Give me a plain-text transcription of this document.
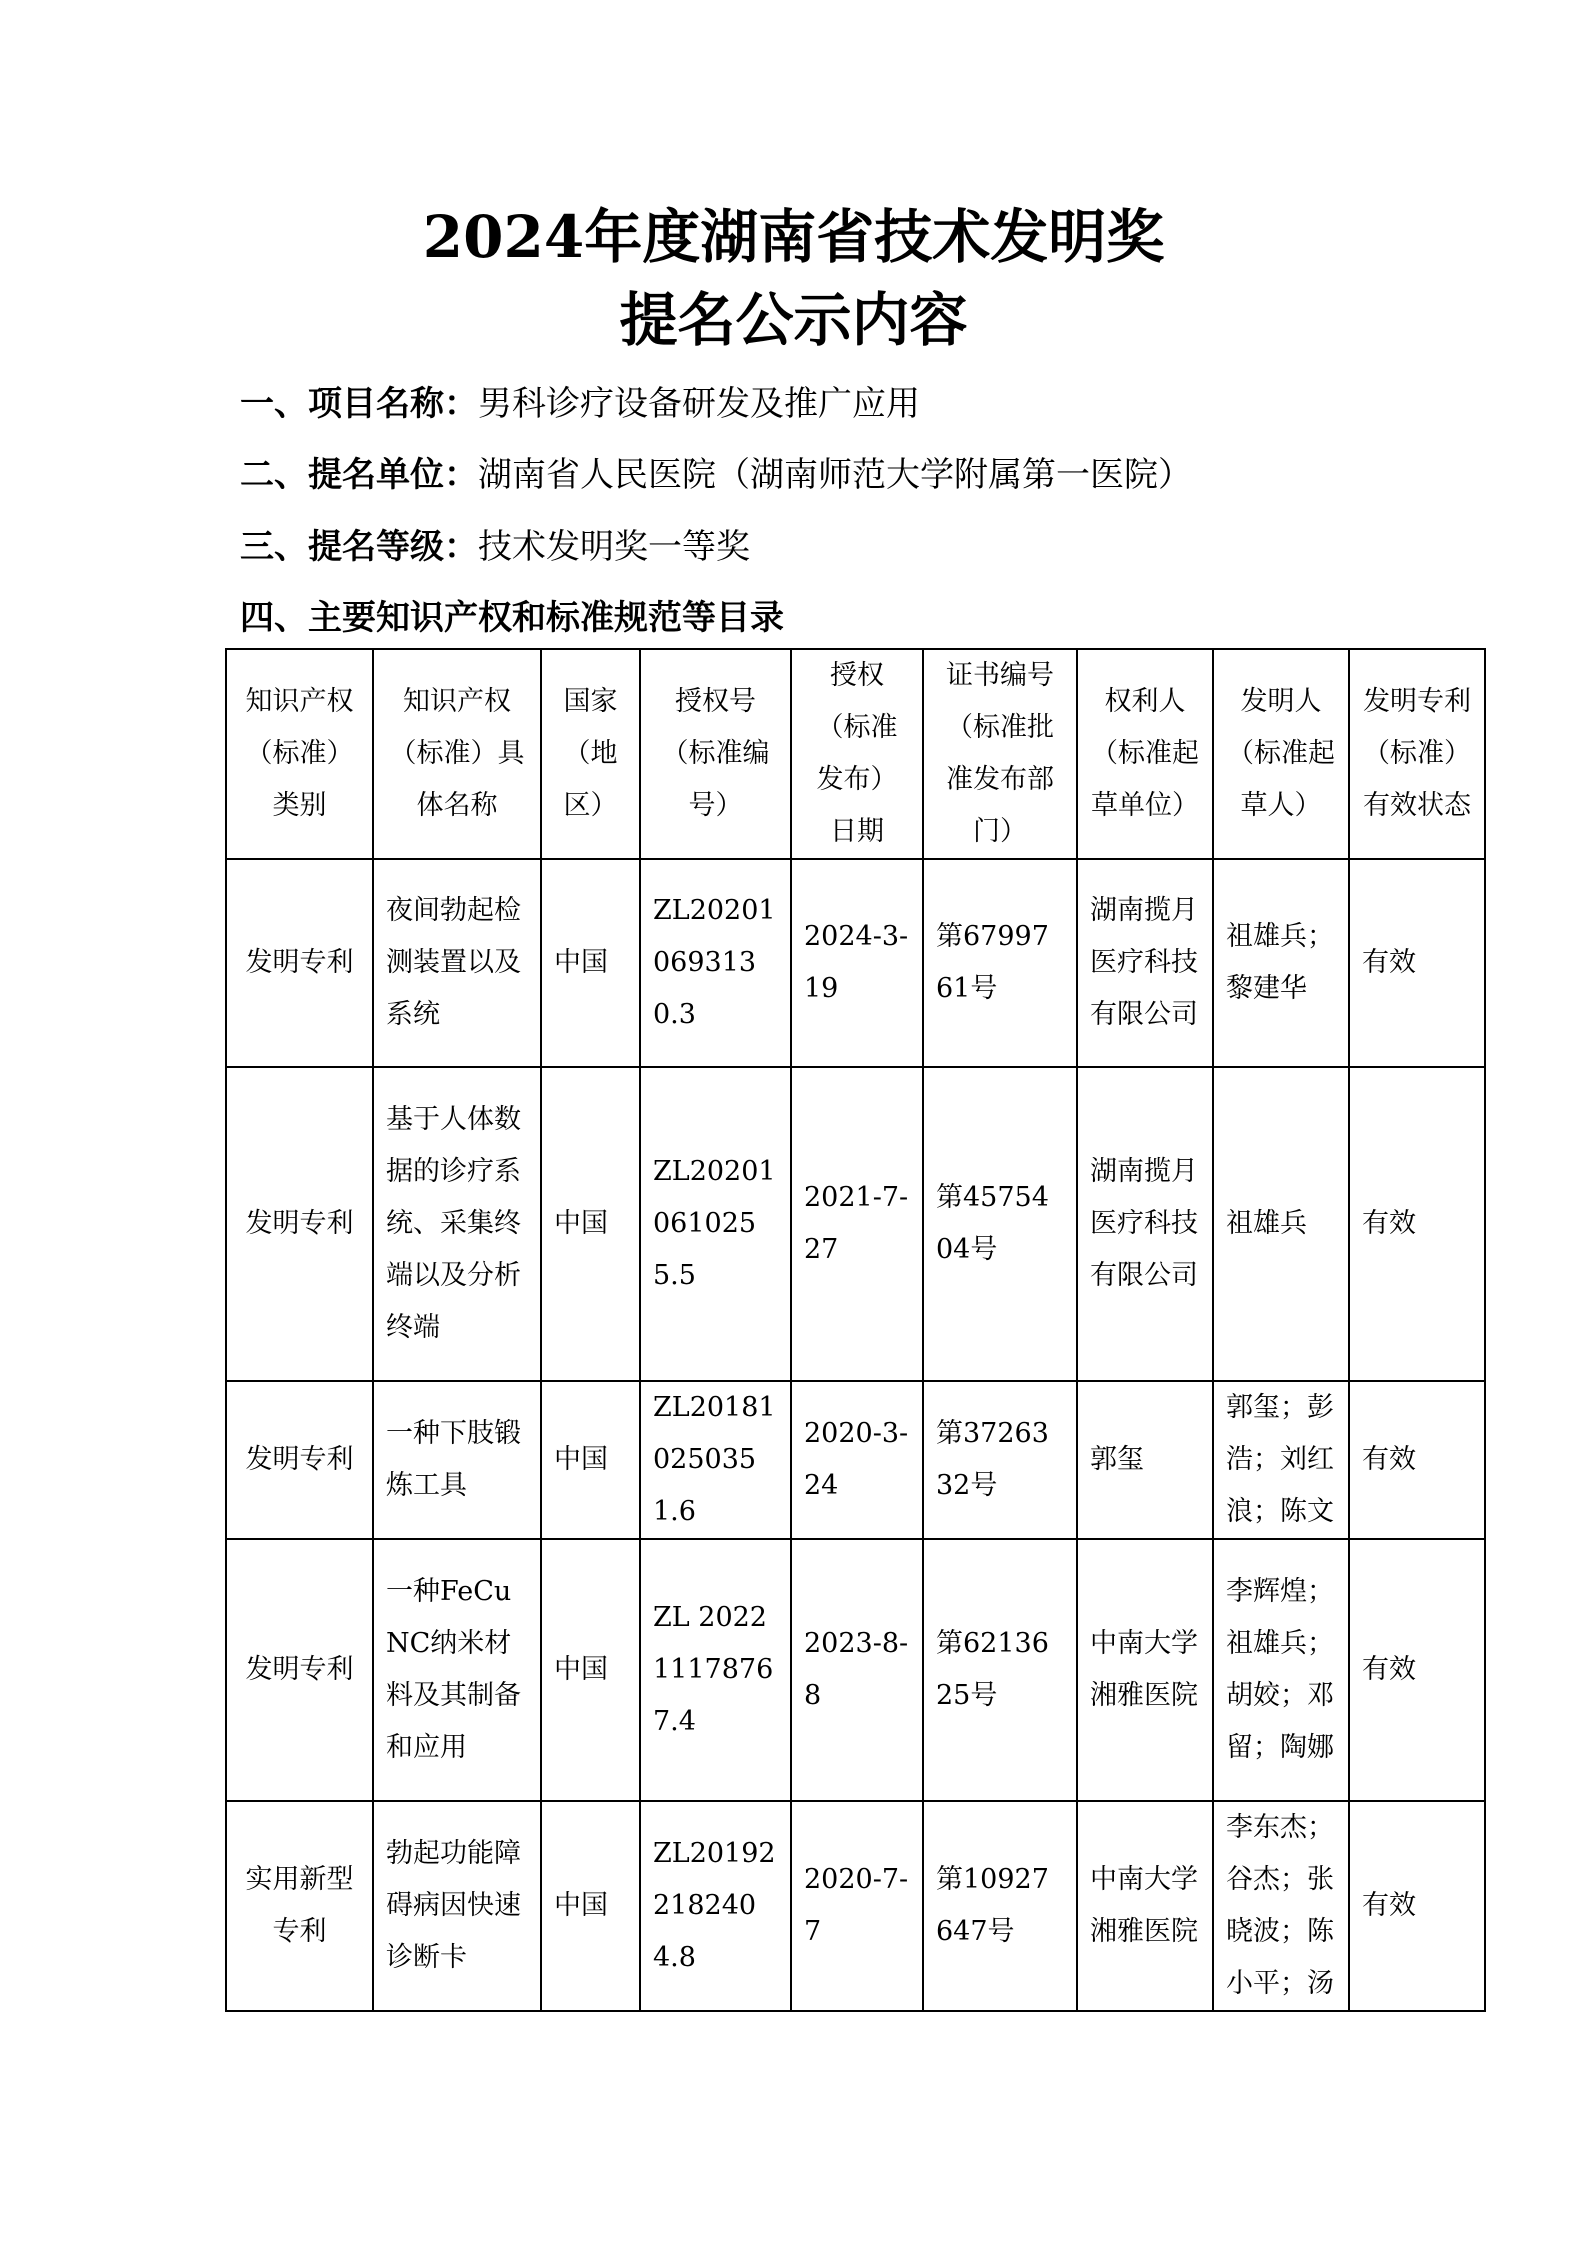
2024年度湖南省技术发明奖
提名公示内容
一、项目名称：男科诊疗设备研发及推广应用
二、提名单位：湖南省人民医院（湖南师范大学附属第一医院）
三、提名等级：技术发明奖一等奖
四、主要知识产权和标准规范等目录
知识产权（标准）类别	知识产权（标准）具体名称	国家（地区）	授权号（标准编号）	授权（标准发布）日期	证书编号（标准批准发布部门）	权利人（标准起草单位）	发明人（标准起草人）	发明专利（标准）有效状态
发明专利	夜间勃起检测装置以及系统	中国	ZL202010693130.3	2024-3-19	第6799761号	湖南揽月医疗科技有限公司	祖雄兵；黎建华	有效
发明专利	基于人体数据的诊疗系统、采集终端以及分析终端	中国	ZL202010610255.5	2021-7-27	第4575404号	湖南揽月医疗科技有限公司	祖雄兵	有效
发明专利	一种下肢锻炼工具	中国	ZL201810250351.6	2020-3-24	第3726332号	郭玺	郭玺；彭浩；刘红浪；陈文	有效
发明专利	一种FeCuNC纳米材料及其制备和应用	中国	ZL 202211178767.4	2023-8-8	第6213625号	中南大学湘雅医院	李辉煌；祖雄兵；胡姣；邓留；陶娜	有效
实用新型专利	勃起功能障碍病因快速诊断卡	中国	ZL201922182404.8	2020-7-7	第10927647号	中南大学湘雅医院	李东杰；谷杰；张晓波；陈小平；汤	有效
